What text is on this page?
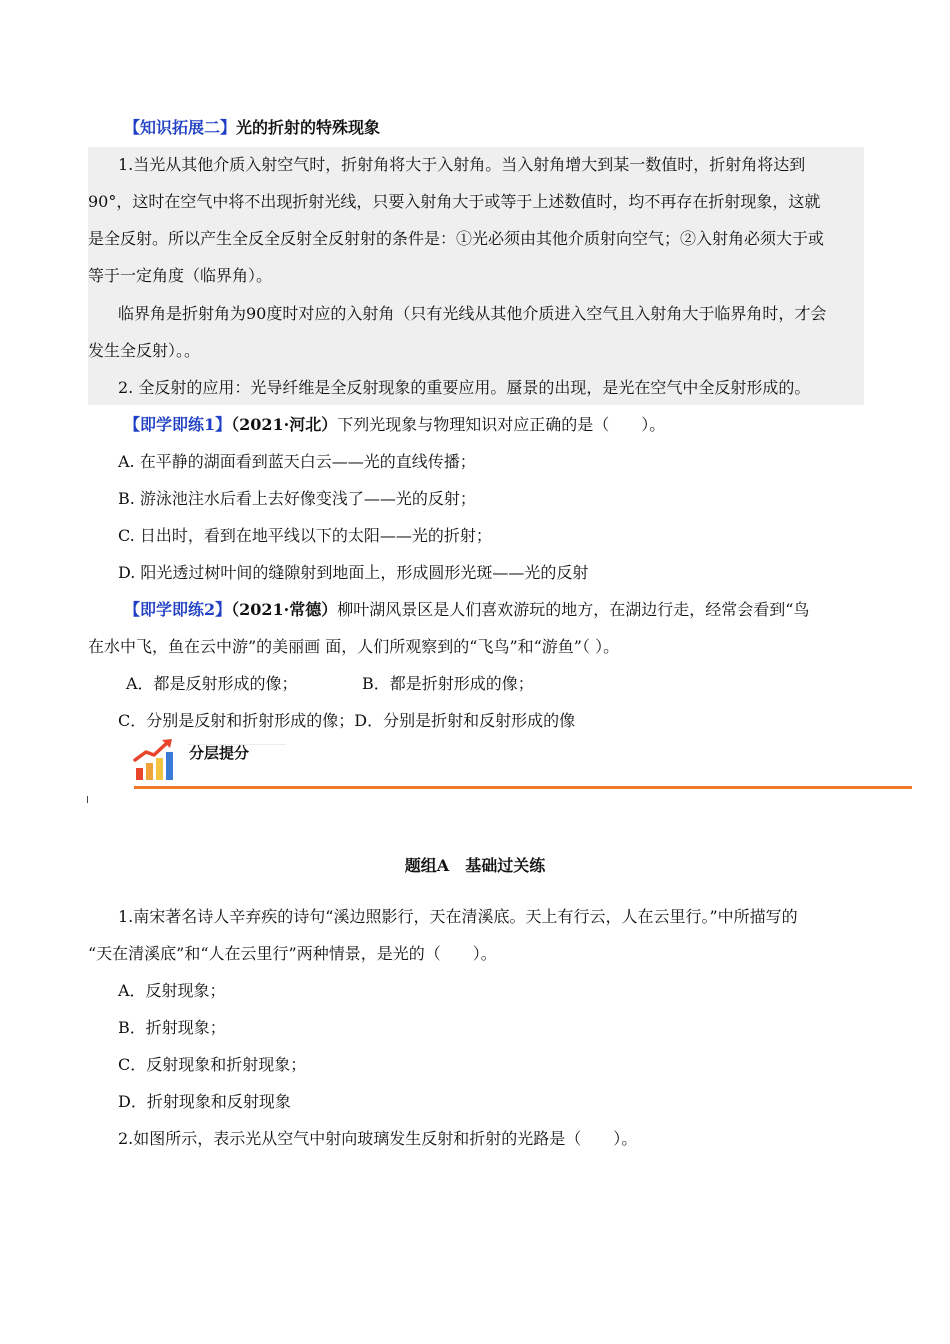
【知识拓展二】光的折射的特殊现象
1.当光从其他介质入射空气时，折射角将大于入射角。当入射角增大到某一数值时，折射角将达到
90°，这时在空气中将不出现折射光线，只要入射角大于或等于上述数值时，均不再存在折射现象，这就
是全反射。所以产生全反全反射全反射射的条件是：①光必须由其他介质射向空气；②入射角必须大于或
等于一定角度（临界角）。
临界角是折射角为90度时对应的入射角（只有光线从其他介质进入空气且入射角大于临界角时，才会
发生全反射）。。
2. 全反射的应用：光导纤维是全反射现象的重要应用。蜃景的出现，是光在空气中全反射形成的。
【即学即练1】（2021·河北）下列光现象与物理知识对应正确的是（　　）。
A. 在平静的湖面看到蓝天白云——光的直线传播；
B. 游泳池注水后看上去好像变浅了——光的反射；
C. 日出时，看到在地平线以下的太阳——光的折射；
D. 阳光透过树叶间的缝隙射到地面上，形成圆形光斑——光的反射
【即学即练2】（2021·常德）柳叶湖风景区是人们喜欢游玩的地方，在湖边行走，经常会看到“鸟
在水中飞，鱼在云中游”的美丽画 面，人们所观察到的“飞鸟”和“游鱼”（ ）。
A．都是反射形成的像；	B．都是折射形成的像；
C．分别是反射和折射形成的像；D．分别是折射和反射形成的像
分层提分
题组A　基础过关练
1.南宋著名诗人辛弃疾的诗句“溪边照影行，天在清溪底。天上有行云，人在云里行。”中所描写的
“天在清溪底”和“人在云里行”两种情景，是光的（　　）。
A．反射现象；
B．折射现象；
C．反射现象和折射现象；
D．折射现象和反射现象
2.如图所示，表示光从空气中射向玻璃发生反射和折射的光路是（　　）。
